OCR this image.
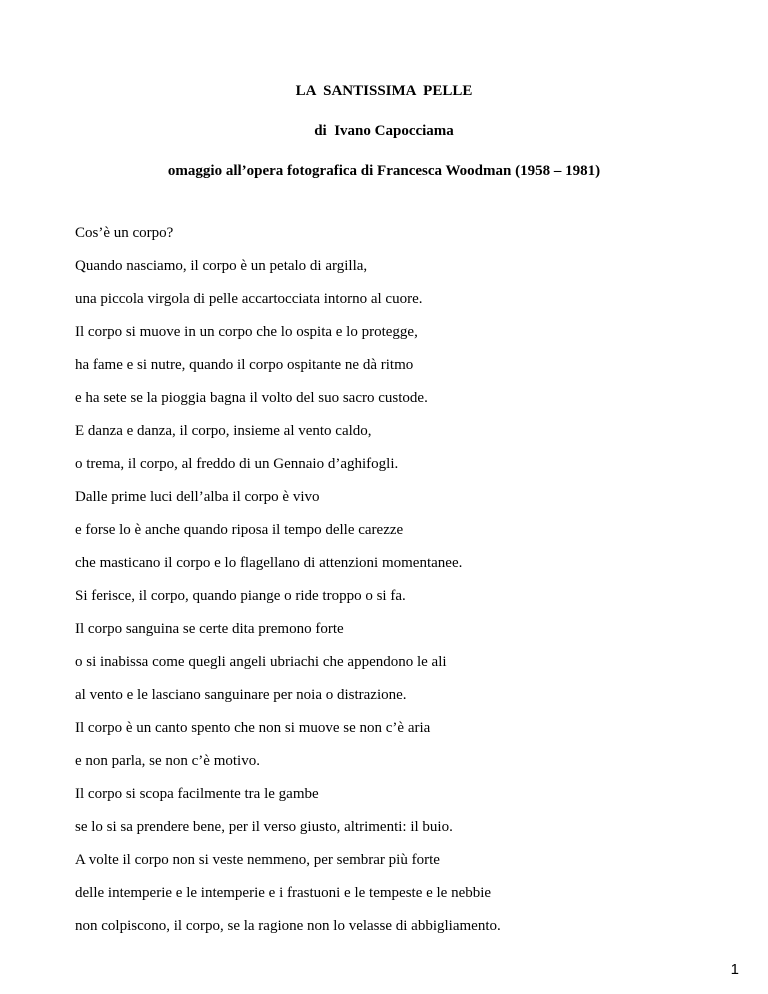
LA  SANTISSIMA  PELLE
di  Ivano Capocciama
omaggio all’opera fotografica di Francesca Woodman (1958 – 1981)
Cos’è un corpo?
Quando nasciamo, il corpo è un petalo di argilla,
una piccola virgola di pelle accartocciata intorno al cuore.
Il corpo si muove in un corpo che lo ospita e lo protegge,
ha fame e si nutre, quando il corpo ospitante ne dà ritmo
e ha sete se la pioggia bagna il volto del suo sacro custode.
E danza e danza, il corpo, insieme al vento caldo,
o trema, il corpo, al freddo di un Gennaio d’aghifogli.
Dalle prime luci dell’alba il corpo è vivo
e forse lo è anche quando riposa il tempo delle carezze
che masticano il corpo e lo flagellano di attenzioni momentanee.
Si ferisce, il corpo, quando piange o ride troppo o si fa.
Il corpo sanguina se certe dita premono forte
o si inabissa come quegli angeli ubriachi che appendono le ali
al vento e le lasciano sanguinare per noia o distrazione.
Il corpo è un canto spento che non si muove se non c’è aria
e non parla, se non c’è motivo.
Il corpo si scopa facilmente tra le gambe
se lo si sa prendere bene, per il verso giusto, altrimenti: il buio.
A volte il corpo non si veste nemmeno, per sembrar più forte
delle intemperie e le intemperie e i frastuoni e le tempeste e le nebbie
non colpiscono, il corpo, se la ragione non lo velasse di abbigliamento.
1
